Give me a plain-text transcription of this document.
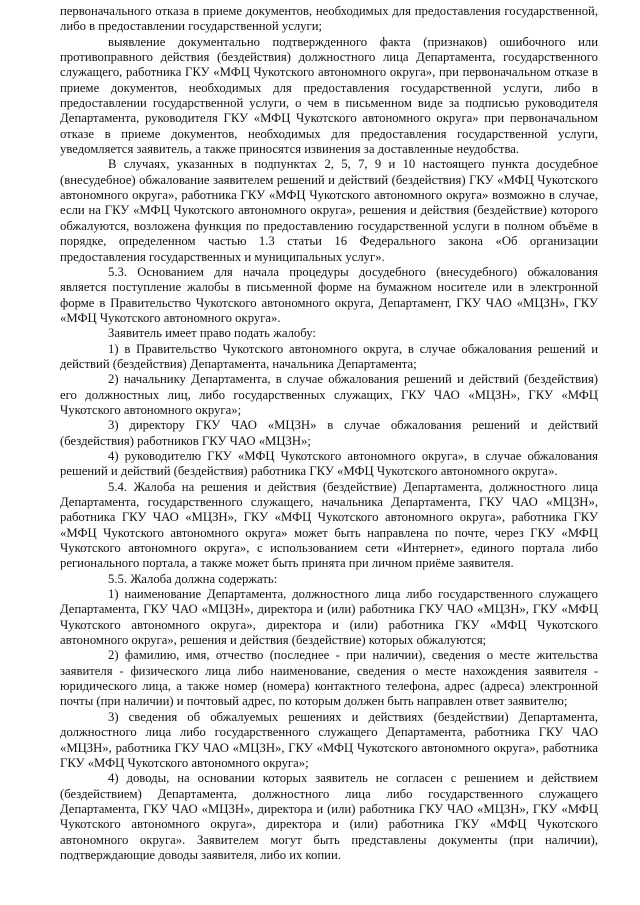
первоначального отказа в приеме документов, необходимых для предоставления государственной, либо в предоставлении государственной услуги;

выявление документально подтвержденного факта (признаков) ошибочного или противоправного действия (бездействия) должностного лица Департамента, государственного служащего, работника ГКУ «МФЦ Чукотского автономного округа», при первоначальном отказе в приеме документов, необходимых для предоставления государственной услуги, либо в предоставлении государственной услуги, о чем в письменном виде за подписью руководителя Департамента, руководителя ГКУ «МФЦ Чукотского автономного округа» при первоначальном отказе в приеме документов, необходимых для предоставления государственной услуги, уведомляется заявитель, а также приносятся извинения за доставленные неудобства.

В случаях, указанных в подпунктах 2, 5, 7, 9 и 10 настоящего пункта досудебное (внесудебное) обжалование заявителем решений и действий (бездействия) ГКУ «МФЦ Чукотского автономного округа», работника ГКУ «МФЦ Чукотского автономного округа» возможно в случае, если на ГКУ «МФЦ Чукотского автономного округа», решения и действия (бездействие) которого обжалуются, возложена функция по предоставлению государственной услуги в полном объёме в порядке, определенном частью 1.3 статьи 16 Федерального закона «Об организации предоставления государственных и муниципальных услуг».

5.3. Основанием для начала процедуры досудебного (внесудебного) обжалования является поступление жалобы в письменной форме на бумажном носителе или в электронной форме в Правительство Чукотского автономного округа, Департамент, ГКУ ЧАО «МЦЗН», ГКУ «МФЦ Чукотского автономного округа».

Заявитель имеет право подать жалобу:

1) в Правительство Чукотского автономного округа, в случае обжалования решений и действий (бездействия) Департамента, начальника Департамента;

2) начальнику Департамента, в случае обжалования решений и действий (бездействия) его должностных лиц, либо государственных служащих, ГКУ ЧАО «МЦЗН», ГКУ «МФЦ Чукотского автономного округа»;

3) директору ГКУ ЧАО «МЦЗН» в случае обжалования решений и действий (бездействия) работников ГКУ ЧАО «МЦЗН»;

4) руководителю ГКУ «МФЦ Чукотского автономного округа», в случае обжалования решений и действий (бездействия) работника ГКУ «МФЦ Чукотского автономного округа».

5.4. Жалоба на решения и действия (бездействие) Департамента, должностного лица Департамента, государственного служащего, начальника Департамента, ГКУ ЧАО «МЦЗН», работника ГКУ ЧАО «МЦЗН», ГКУ «МФЦ Чукотского автономного округа», работника ГКУ «МФЦ Чукотского автономного округа» может быть направлена по почте, через ГКУ «МФЦ Чукотского автономного округа», с использованием сети «Интернет», единого портала либо регионального портала, а также может быть принята при личном приёме заявителя.

5.5. Жалоба должна содержать:

1) наименование Департамента, должностного лица либо государственного служащего Департамента, ГКУ ЧАО «МЦЗН», директора и (или) работника ГКУ ЧАО «МЦЗН», ГКУ «МФЦ Чукотского автономного округа», директора и (или) работника ГКУ «МФЦ Чукотского автономного округа», решения и действия (бездействие) которых обжалуются;

2) фамилию, имя, отчество (последнее - при наличии), сведения о месте жительства заявителя - физического лица либо наименование, сведения о месте нахождения заявителя - юридического лица, а также номер (номера) контактного телефона, адрес (адреса) электронной почты (при наличии) и почтовый адрес, по которым должен быть направлен ответ заявителю;

3) сведения об обжалуемых решениях и действиях (бездействии) Департамента, должностного лица либо государственного служащего Департамента, работника ГКУ ЧАО «МЦЗН», работника ГКУ ЧАО «МЦЗН», ГКУ «МФЦ Чукотского автономного округа», работника ГКУ «МФЦ Чукотского автономного округа»;

4) доводы, на основании которых заявитель не согласен с решением и действием (бездействием) Департамента, должностного лица либо государственного служащего Департамента, ГКУ ЧАО «МЦЗН», директора и (или) работника ГКУ ЧАО «МЦЗН», ГКУ «МФЦ Чукотского автономного округа», директора и (или) работника ГКУ «МФЦ Чукотского автономного округа». Заявителем могут быть представлены документы (при наличии), подтверждающие доводы заявителя, либо их копии.
